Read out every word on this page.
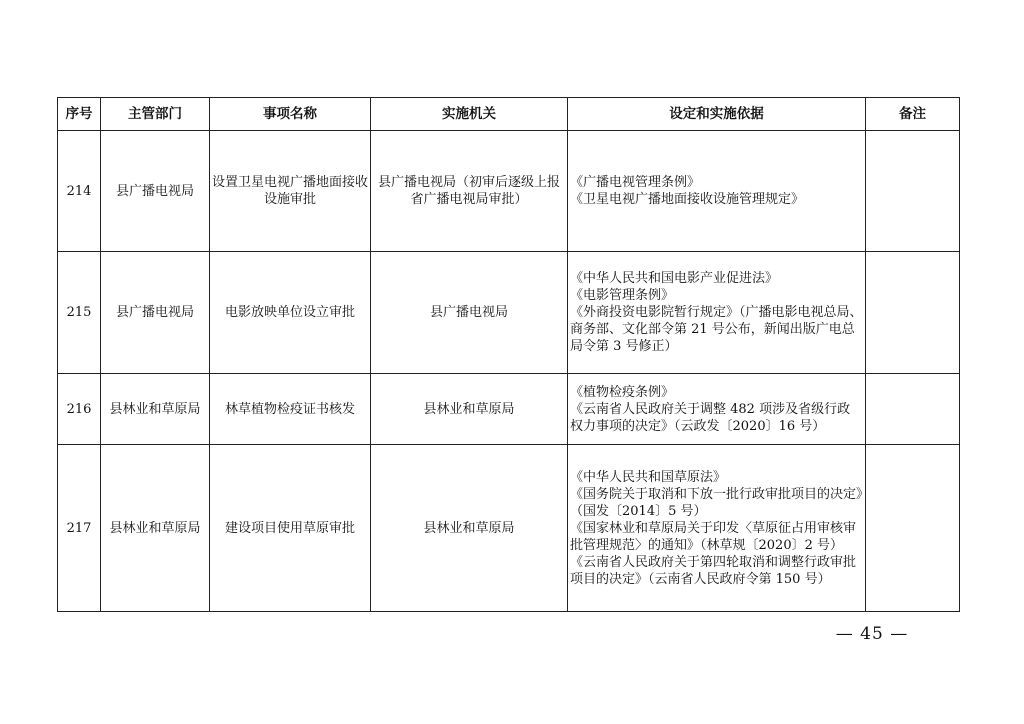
序号	主管部门	事项名称	实施机关	设定和实施依据	备注
214	县广播电视局	设置卫星电视广播地面接收设施审批	县广播电视局（初审后逐级上报省广播电视局审批）	《广播电视管理条例》
《卫星电视广播地面接收设施管理规定》	

215	县广播电视局	电影放映单位设立审批	县广播电视局	《中华人民共和国电影产业促进法》
《电影管理条例》
《外商投资电影院暂行规定》（广播电影电视总局、商务部、文化部令第 21 号公布，新闻出版广电总局令第 3 号修正）	

216	县林业和草原局	林草植物检疫证书核发	县林业和草原局	《植物检疫条例》
《云南省人民政府关于调整 482 项涉及省级行政权力事项的决定》（云政发〔2020〕16 号）	

217	县林业和草原局	建设项目使用草原审批	县林业和草原局	《中华人民共和国草原法》
《国务院关于取消和下放一批行政审批项目的决定》（国发〔2014〕5 号）
《国家林业和草原局关于印发〈草原征占用审核审批管理规范〉的通知》（林草规〔2020〕2 号）
《云南省人民政府关于第四轮取消和调整行政审批项目的决定》（云南省人民政府令第 150 号）	

— 45 —
